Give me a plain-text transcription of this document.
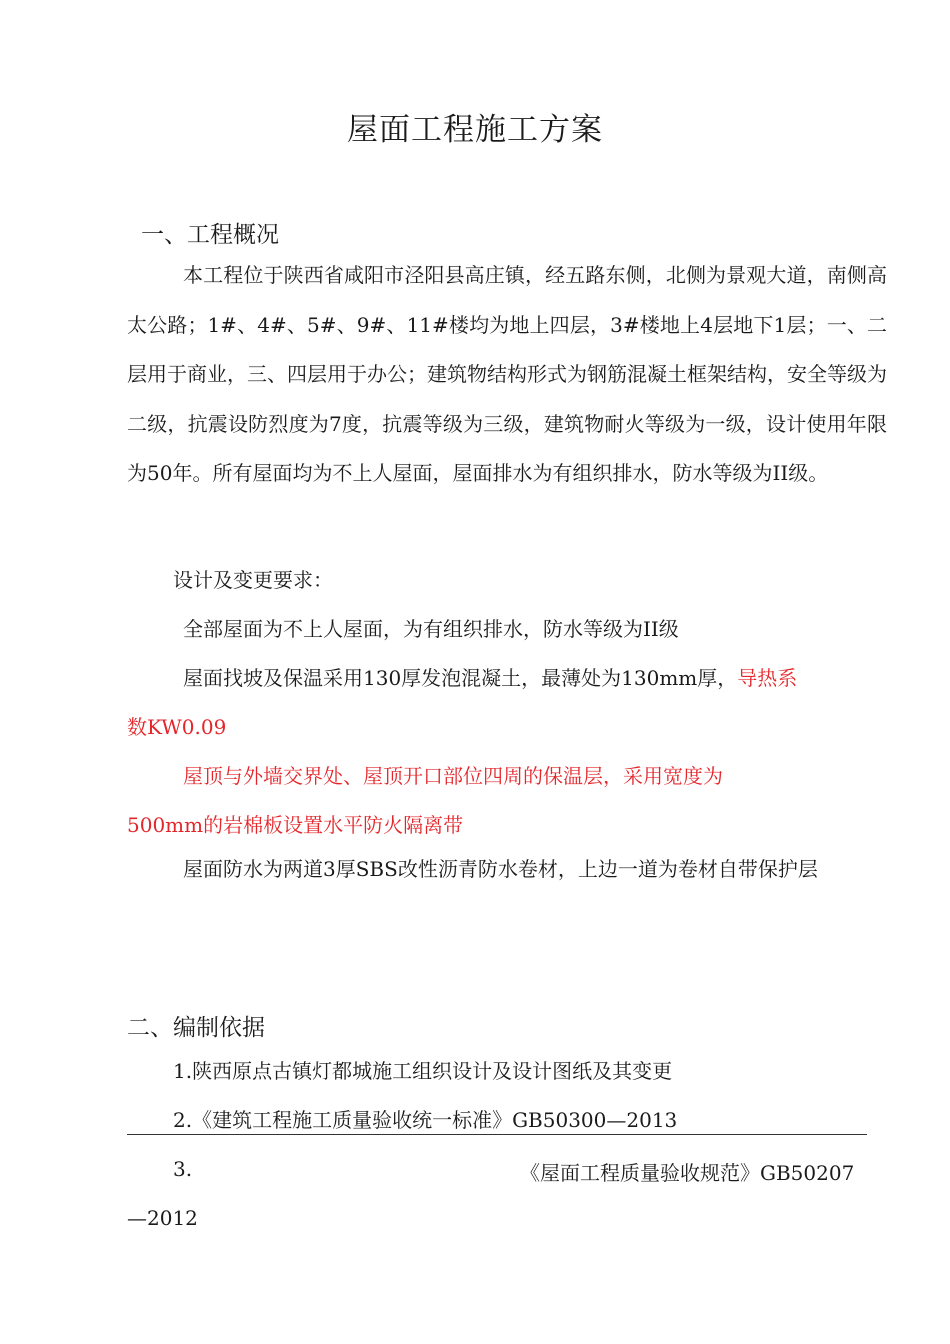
屋面工程施工方案
一、工程概况
本工程位于陕西省咸阳市泾阳县高庄镇，经五路东侧，北侧为景观大道，南侧高太公路；1#、4#、5#、9#、11#楼均为地上四层，3#楼地上4层地下1层；一、二层用于商业，三、四层用于办公；建筑物结构形式为钢筋混凝土框架结构，安全等级为二级，抗震设防烈度为7度，抗震等级为三级，建筑物耐火等级为一级，设计使用年限为50年。所有屋面均为不上人屋面，屋面排水为有组织排水，防水等级为II级。
设计及变更要求：
全部屋面为不上人屋面，为有组织排水，防水等级为II级
屋面找坡及保温采用130厚发泡混凝土，最薄处为130mm厚，导热系
数KW0.09
屋顶与外墙交界处、屋顶开口部位四周的保温层，采用宽度为
500mm的岩棉板设置水平防火隔离带
屋面防水为两道3厚SBS改性沥青防水卷材，上边一道为卷材自带保护层
二、编制依据
1.陕西原点古镇灯都城施工组织设计及设计图纸及其变更
2.《建筑工程施工质量验收统一标准》GB50300—2013
3.	《屋面工程质量验收规范》GB50207
—2012
